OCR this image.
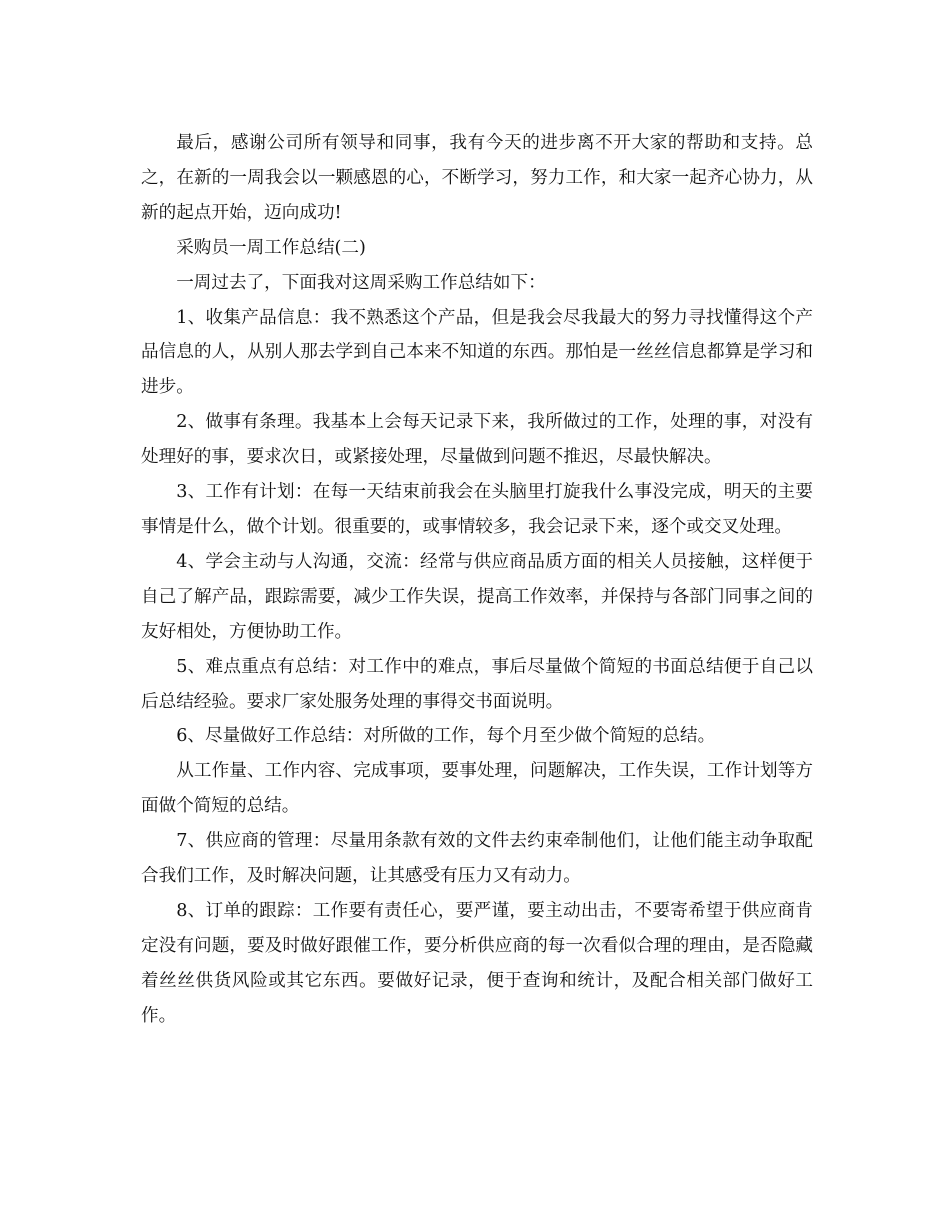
最后，感谢公司所有领导和同事，我有今天的进步离不开大家的帮助和支持。总之，在新的一周我会以一颗感恩的心，不断学习，努力工作，和大家一起齐心协力，从新的起点开始，迈向成功!

采购员一周工作总结(二)

一周过去了，下面我对这周采购工作总结如下：

1、收集产品信息：我不熟悉这个产品，但是我会尽我最大的努力寻找懂得这个产品信息的人，从别人那去学到自己本来不知道的东西。那怕是一丝丝信息都算是学习和进步。

2、做事有条理。我基本上会每天记录下来，我所做过的工作，处理的事，对没有处理好的事，要求次日，或紧接处理，尽量做到问题不推迟，尽最快解决。

3、工作有计划：在每一天结束前我会在头脑里打旋我什么事没完成，明天的主要事情是什么，做个计划。很重要的，或事情较多，我会记录下来，逐个或交叉处理。

4、学会主动与人沟通，交流：经常与供应商品质方面的相关人员接触，这样便于自己了解产品，跟踪需要，减少工作失误，提高工作效率，并保持与各部门同事之间的友好相处，方便协助工作。

5、难点重点有总结：对工作中的难点，事后尽量做个简短的书面总结便于自己以后总结经验。要求厂家处服务处理的事得交书面说明。

6、尽量做好工作总结：对所做的工作，每个月至少做个简短的总结。

从工作量、工作内容、完成事项，要事处理，问题解决，工作失误，工作计划等方面做个简短的总结。

7、供应商的管理：尽量用条款有效的文件去约束牵制他们，让他们能主动争取配合我们工作，及时解决问题，让其感受有压力又有动力。

8、订单的跟踪：工作要有责任心，要严谨，要主动出击，不要寄希望于供应商肯定没有问题，要及时做好跟催工作，要分析供应商的每一次看似合理的理由，是否隐藏着丝丝供货风险或其它东西。要做好记录，便于查询和统计，及配合相关部门做好工作。
